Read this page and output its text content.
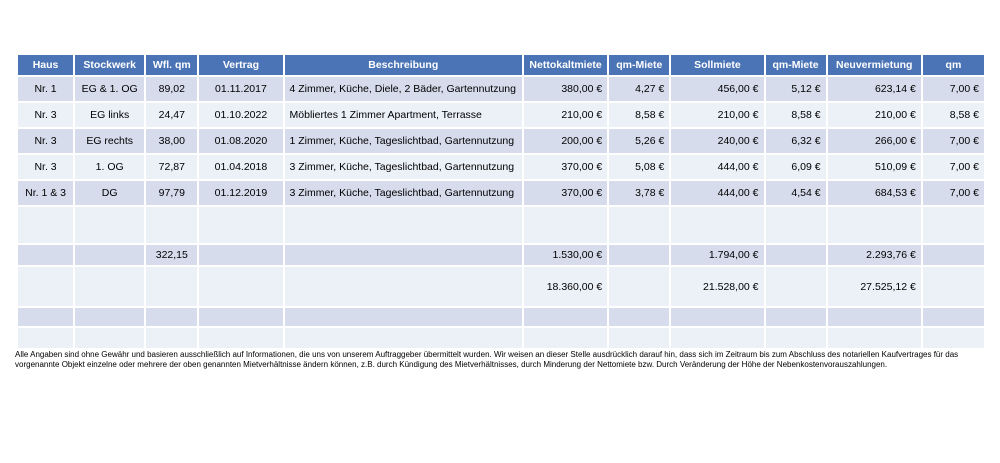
Haus	Stockwerk	Wfl. qm	Vertrag	Beschreibung	Nettokaltmiete	qm-Miete	Sollmiete	qm-Miete	Neuvermietung	qm
Nr. 1	EG & 1. OG	89,02	01.11.2017	4 Zimmer, Küche, Diele, 2 Bäder, Gartennutzung	380,00 €	4,27 €	456,00 €	5,12 €	623,14 €	7,00 €
Nr. 3	EG links	24,47	01.10.2022	Möbliertes 1 Zimmer Apartment, Terrasse	210,00 €	8,58 €	210,00 €	8,58 €	210,00 €	8,58 €
Nr. 3	EG rechts	38,00	01.08.2020	1 Zimmer, Küche, Tageslichtbad, Gartennutzung	200,00 €	5,26 €	240,00 €	6,32 €	266,00 €	7,00 €
Nr. 3	1. OG	72,87	01.04.2018	3 Zimmer, Küche, Tageslichtbad, Gartennutzung	370,00 €	5,08 €	444,00 €	6,09 €	510,09 €	7,00 €
Nr. 1 & 3	DG	97,79	01.12.2019	3 Zimmer, Küche, Tageslichtbad, Gartennutzung	370,00 €	3,78 €	444,00 €	4,54 €	684,53 €	7,00 €

		322,15			1.530,00 €		1.794,00 €		2.293,76 €	
					18.360,00 €		21.528,00 €		27.525,12 €	

Alle Angaben sind ohne Gewähr und basieren ausschließlich auf Informationen, die uns von unserem Auftraggeber übermittelt wurden. Wir weisen an dieser Stelle ausdrücklich darauf hin, dass sich im Zeitraum bis zum Abschluss des notariellen Kaufvertrages für das vorgenannte Objekt einzelne oder mehrere der oben genannten Mietverhältnisse ändern können, z.B. durch Kündigung des Mietverhältnisses, durch Minderung der Nettomiete bzw. Durch Veränderung der Höhe der Nebenkostenvorauszahlungen.
